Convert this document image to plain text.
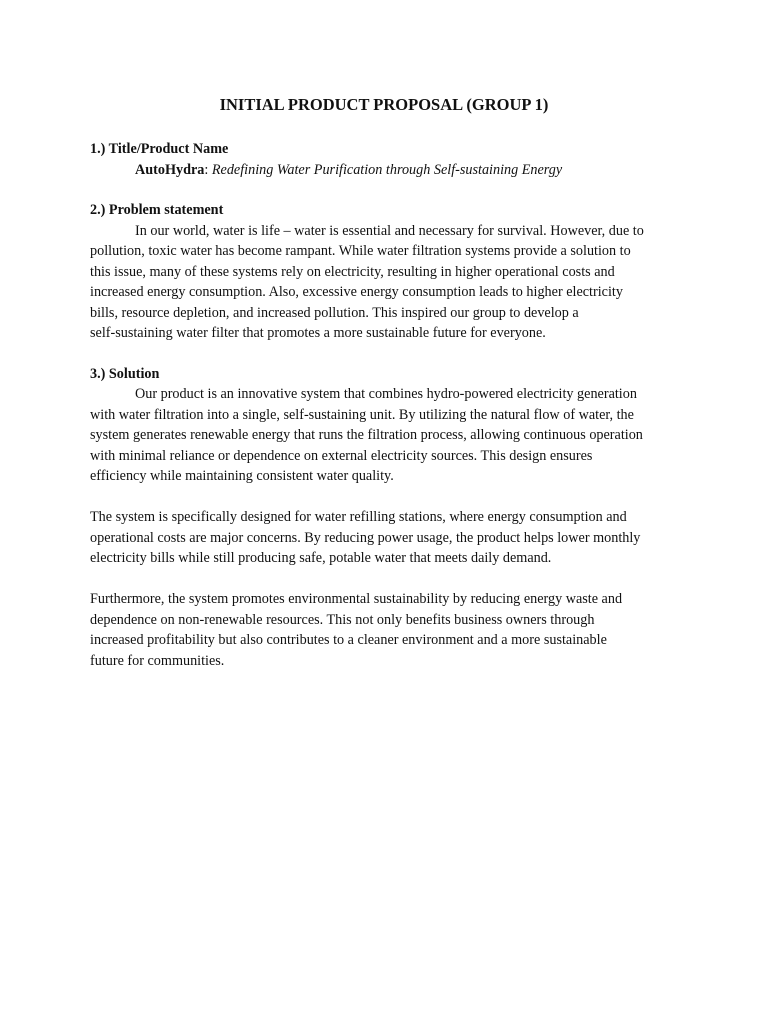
INITIAL PRODUCT PROPOSAL (GROUP 1)

1.) Title/Product Name

AutoHydra: Redefining Water Purification through Self-sustaining Energy

2.) Problem statement

In our world, water is life – water is essential and necessary for survival. However, due to
pollution, toxic water has become rampant. While water filtration systems provide a solution to
this issue, many of these systems rely on electricity, resulting in higher operational costs and
increased energy consumption. Also, excessive energy consumption leads to higher electricity
bills, resource depletion, and increased pollution. This inspired our group to develop a
self-sustaining water filter that promotes a more sustainable future for everyone.

3.) Solution

Our product is an innovative system that combines hydro-powered electricity generation
with water filtration into a single, self-sustaining unit. By utilizing the natural flow of water, the
system generates renewable energy that runs the filtration process, allowing continuous operation
with minimal reliance or dependence on external electricity sources. This design ensures
efficiency while maintaining consistent water quality.

The system is specifically designed for water refilling stations, where energy consumption and
operational costs are major concerns. By reducing power usage, the product helps lower monthly
electricity bills while still producing safe, potable water that meets daily demand.

Furthermore, the system promotes environmental sustainability by reducing energy waste and
dependence on non-renewable resources. This not only benefits business owners through
increased profitability but also contributes to a cleaner environment and a more sustainable
future for communities.
